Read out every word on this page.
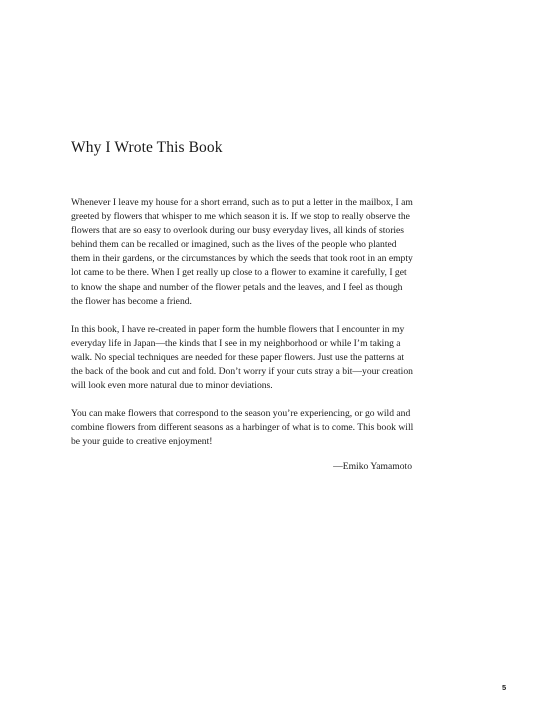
Why I Wrote This Book

Whenever I leave my house for a short errand, such as to put a letter in the mailbox, I am greeted by flowers that whisper to me which season it is. If we stop to really observe the flowers that are so easy to overlook during our busy everyday lives, all kinds of stories behind them can be recalled or imagined, such as the lives of the people who planted them in their gardens, or the circumstances by which the seeds that took root in an empty lot came to be there. When I get really up close to a flower to examine it carefully, I get to know the shape and number of the flower petals and the leaves, and I feel as though the flower has become a friend.

In this book, I have re-created in paper form the humble flowers that I encounter in my everyday life in Japan—the kinds that I see in my neighborhood or while I’m taking a walk. No special techniques are needed for these paper flowers. Just use the patterns at the back of the book and cut and fold. Don’t worry if your cuts stray a bit—your creation will look even more natural due to minor deviations.

You can make flowers that correspond to the season you’re experiencing, or go wild and combine flowers from different seasons as a harbinger of what is to come. This book will be your guide to creative enjoyment!

—Emiko Yamamoto
5
